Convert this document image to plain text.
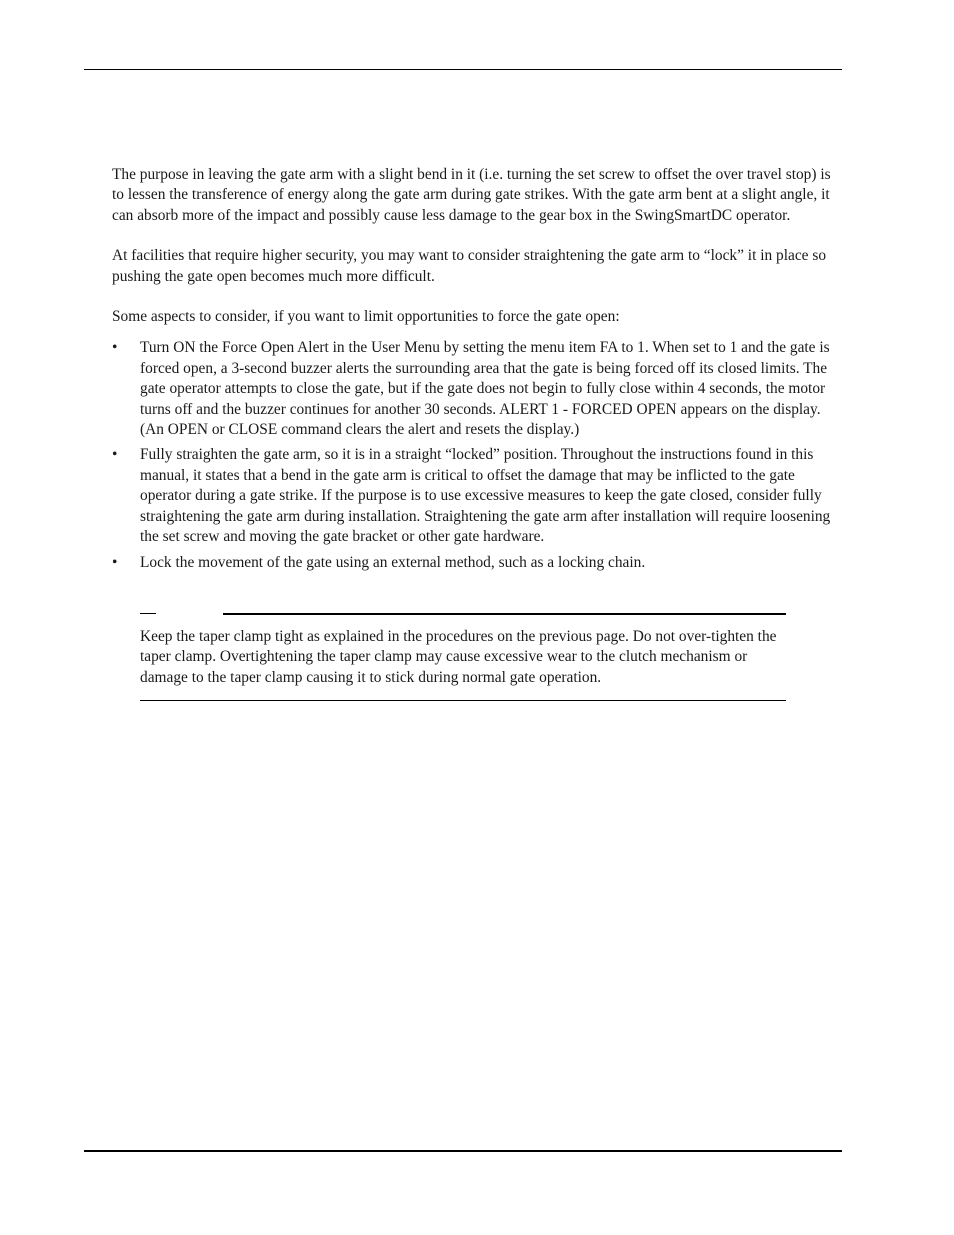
The purpose in leaving the gate arm with a slight bend in it (i.e. turning the set screw to offset the over travel stop) is to lessen the transference of energy along the gate arm during gate strikes. With the gate arm bent at a slight angle, it can absorb more of the impact and possibly cause less damage to the gear box in the SwingSmartDC operator.

At facilities that require higher security, you may want to consider straightening the gate arm to “lock” it in place so pushing the gate open becomes much more difficult.

Some aspects to consider, if you want to limit opportunities to force the gate open:

• Turn ON the Force Open Alert in the User Menu by setting the menu item FA to 1. When set to 1 and the gate is forced open, a 3-second buzzer alerts the surrounding area that the gate is being forced off its closed limits. The gate operator attempts to close the gate, but if the gate does not begin to fully close within 4 seconds, the motor turns off and the buzzer continues for another 30 seconds. ALERT 1 - FORCED OPEN appears on the display. (An OPEN or CLOSE command clears the alert and resets the display.)
• Fully straighten the gate arm, so it is in a straight “locked” position. Throughout the instructions found in this manual, it states that a bend in the gate arm is critical to offset the damage that may be inflicted to the gate operator during a gate strike. If the purpose is to use excessive measures to keep the gate closed, consider fully straightening the gate arm during installation. Straightening the gate arm after installation will require loosening the set screw and moving the gate bracket or other gate hardware.
• Lock the movement of the gate using an external method, such as a locking chain.

Keep the taper clamp tight as explained in the procedures on the previous page. Do not over-tighten the taper clamp. Overtightening the taper clamp may cause excessive wear to the clutch mechanism or damage to the taper clamp causing it to stick during normal gate operation.
